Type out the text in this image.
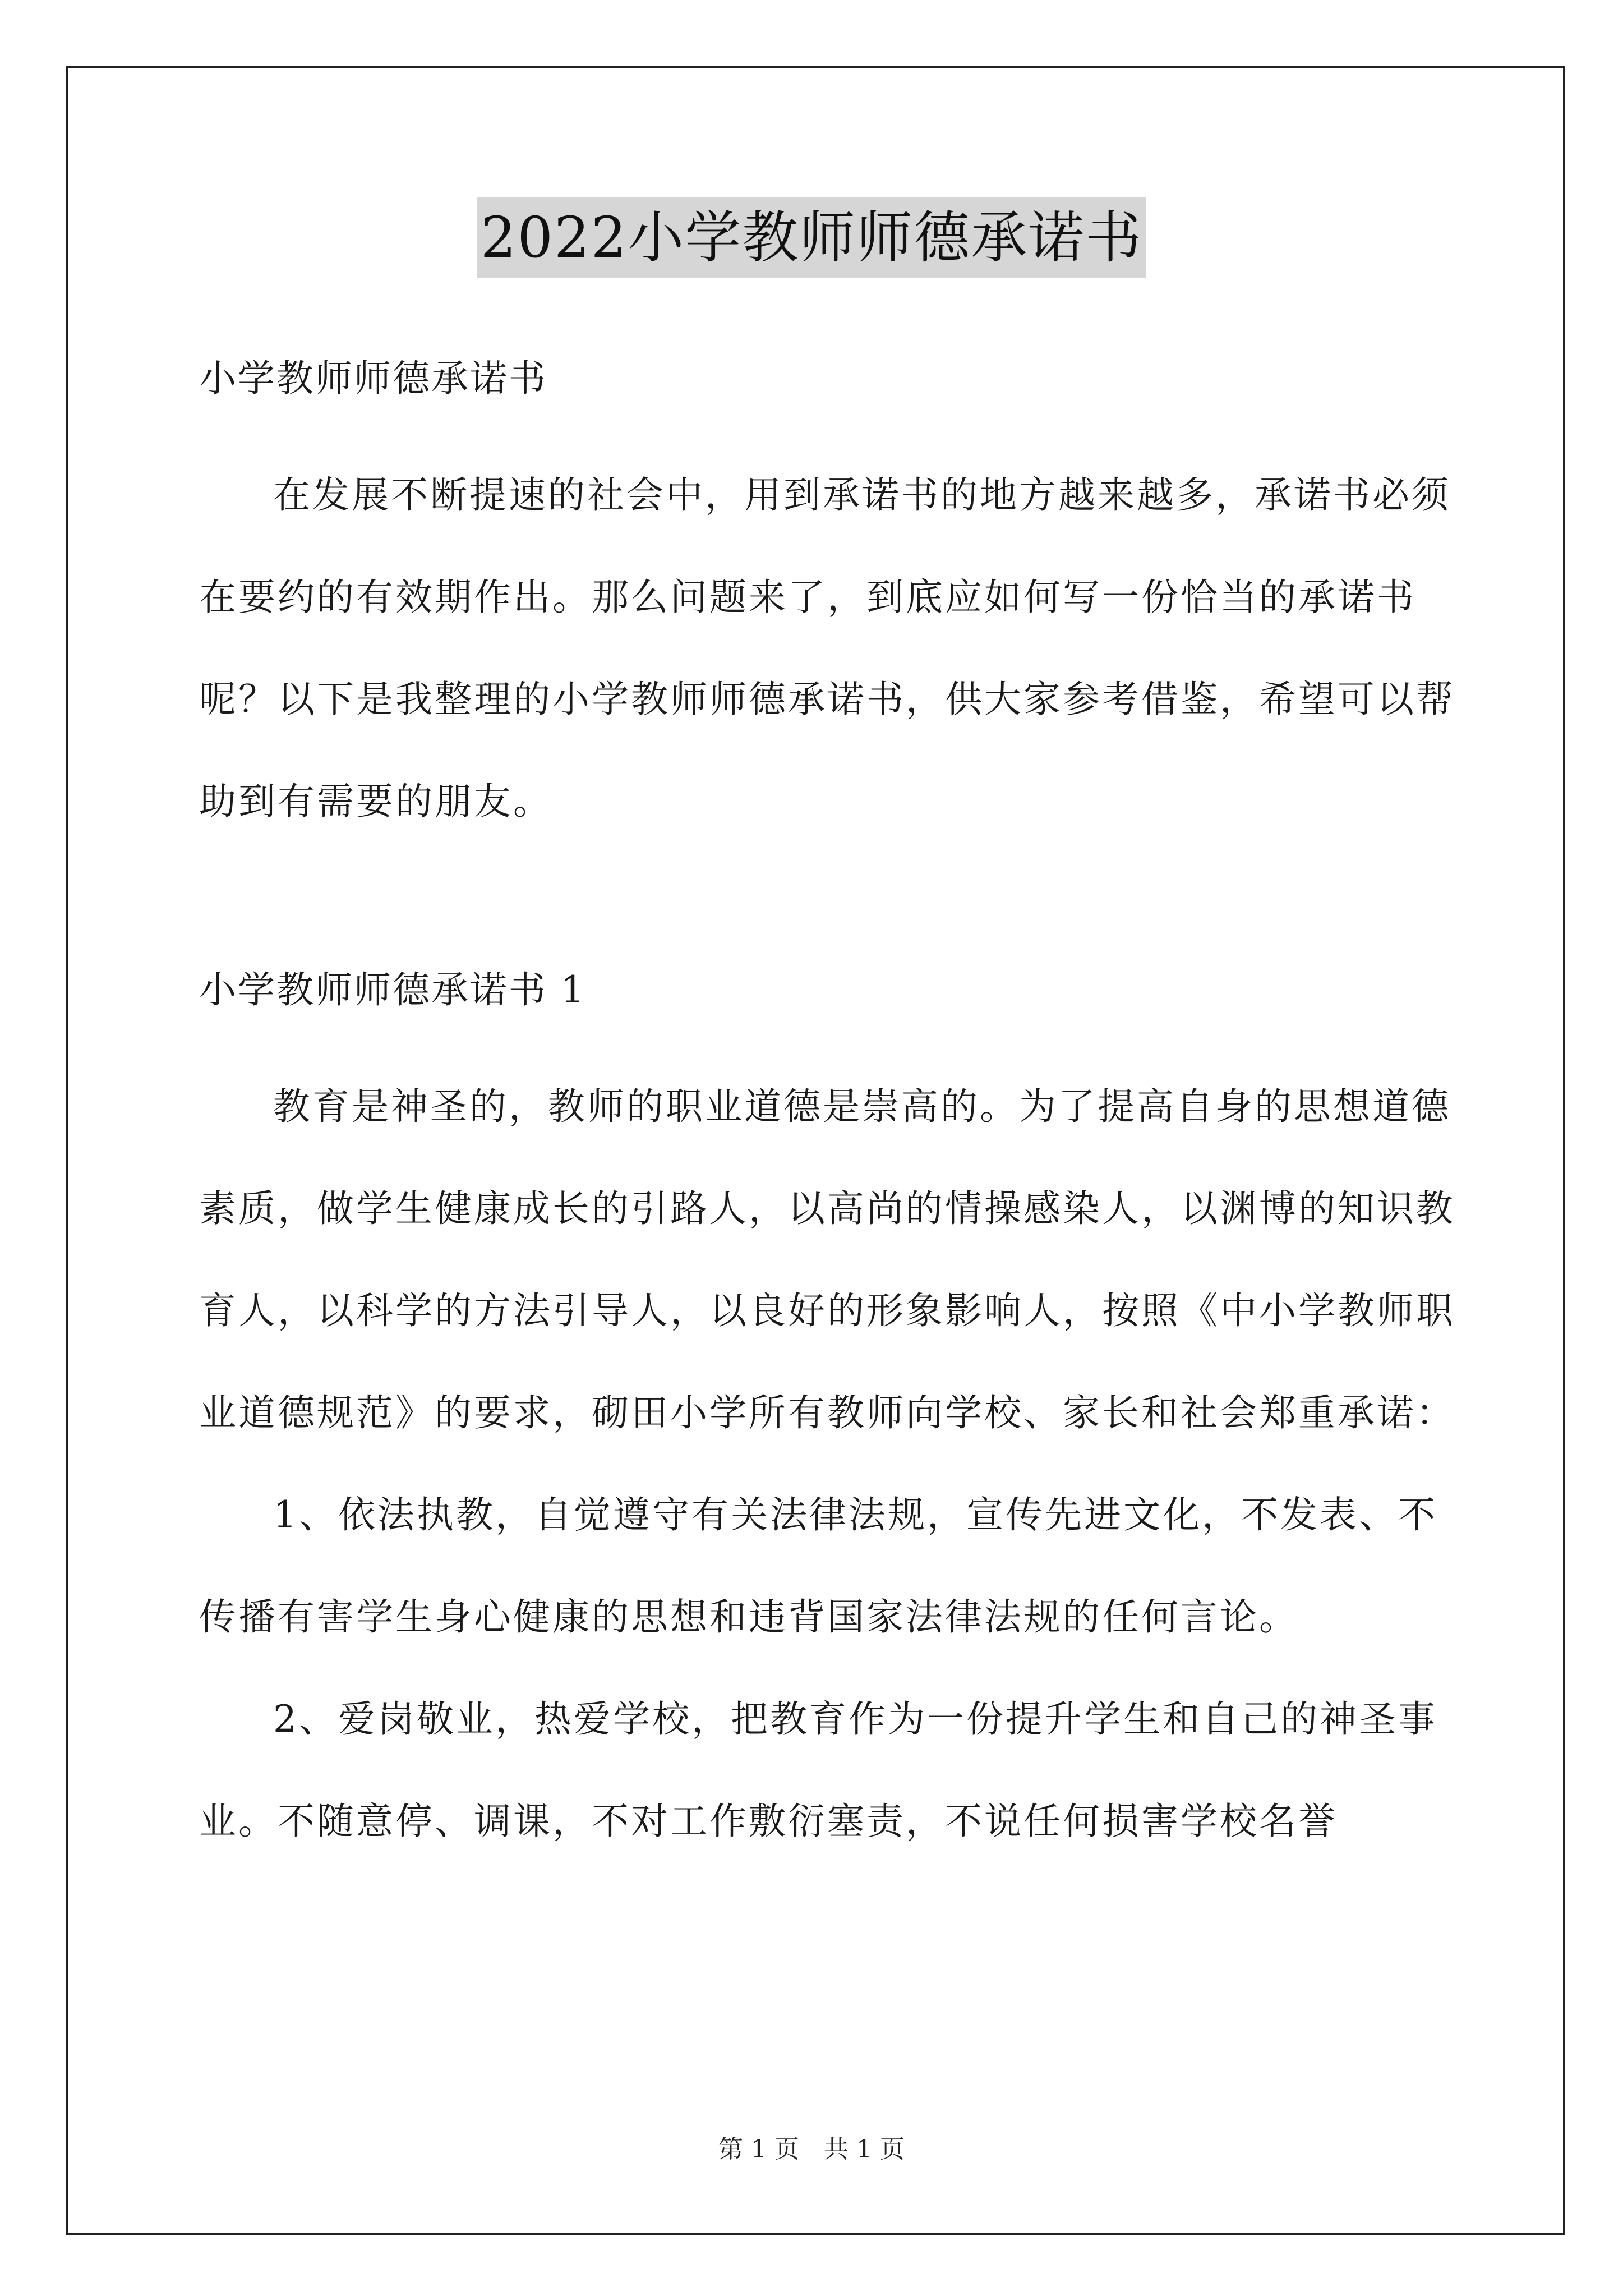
2022小学教师师德承诺书

小学教师师德承诺书

在发展不断提速的社会中，用到承诺书的地方越来越多，承诺书必须在要约的有效期作出。那么问题来了，到底应如何写一份恰当的承诺书呢？以下是我整理的小学教师师德承诺书，供大家参考借鉴，希望可以帮助到有需要的朋友。

小学教师师德承诺书 1

教育是神圣的，教师的职业道德是崇高的。为了提高自身的思想道德素质，做学生健康成长的引路人，以高尚的情操感染人，以渊博的知识教育人，以科学的方法引导人，以良好的形象影响人，按照《中小学教师职业道德规范》的要求，砌田小学所有教师向学校、家长和社会郑重承诺：

1、依法执教，自觉遵守有关法律法规，宣传先进文化，不发表、不传播有害学生身心健康的思想和违背国家法律法规的任何言论。

2、爱岗敬业，热爱学校，把教育作为一份提升学生和自己的神圣事业。不随意停、调课，不对工作敷衍塞责，不说任何损害学校名誉

第 1 页　共 1 页
